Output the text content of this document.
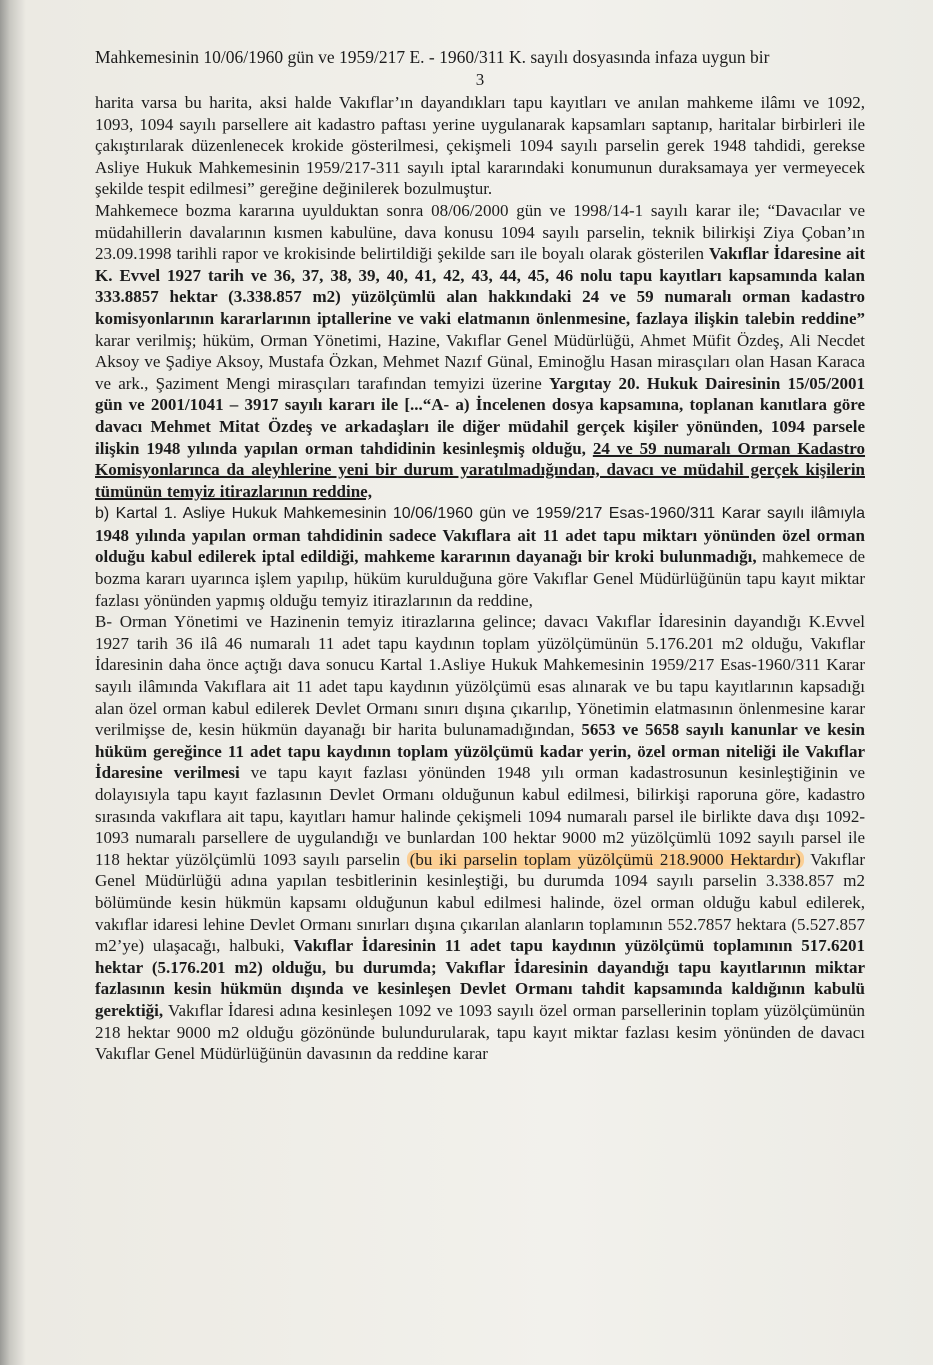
Mahkemesinin 10/06/1960 gün ve 1959/217 E. - 1960/311 K. sayılı dosyasında infaza uygun bir
3

harita varsa bu harita, aksi halde Vakıflar’ın dayandıkları tapu kayıtları ve anılan mahkeme ilâmı ve 1092, 1093, 1094 sayılı parsellere ait kadastro paftası yerine uygulanarak kapsamları saptanıp, haritalar birbirleri ile çakıştırılarak düzenlenecek krokide gösterilmesi, çekişmeli 1094 sayılı parselin gerek 1948 tahdidi, gerekse Asliye Hukuk Mahkemesinin 1959/217-311 sayılı iptal kararındaki konumunun duraksamaya yer vermeyecek şekilde tespit edilmesi” gereğine değinilerek bozulmuştur.

Mahkemece bozma kararına uyulduktan sonra 08/06/2000 gün ve 1998/14-1 sayılı karar ile; “Davacılar ve müdahillerin davalarının kısmen kabulüne, dava konusu 1094 sayılı parselin, teknik bilirkişi Ziya Çoban’ın 23.09.1998 tarihli rapor ve krokisinde belirtildiği şekilde sarı ile boyalı olarak gösterilen Vakıflar İdaresine ait K. Evvel 1927 tarih ve 36, 37, 38, 39, 40, 41, 42, 43, 44, 45, 46 nolu tapu kayıtları kapsamında kalan 333.8857 hektar (3.338.857 m2) yüzölçümlü alan hakkındaki 24 ve 59 numaralı orman kadastro komisyonlarının kararlarının iptallerine ve vaki elatmanın önlenmesine, fazlaya ilişkin talebin reddine” karar verilmiş; hüküm, Orman Yönetimi, Hazine, Vakıflar Genel Müdürlüğü, Ahmet Müfit Özdeş, Ali Necdet Aksoy ve Şadiye Aksoy, Mustafa Özkan, Mehmet Nazıf Günal, Eminoğlu Hasan mirasçıları olan Hasan Karaca ve ark., Şaziment Mengi mirasçıları tarafından temyizi üzerine Yargıtay 20. Hukuk Dairesinin 15/05/2001 gün ve 2001/1041 – 3917 sayılı kararı ile [...“A- a) İncelenen dosya kapsamına, toplanan kanıtlara göre davacı Mehmet Mitat Özdeş ve arkadaşları ile diğer müdahil gerçek kişiler yönünden, 1094 parsele ilişkin 1948 yılında yapılan orman tahdidinin kesinleşmiş olduğu, 24 ve 59 numaralı Orman Kadastro Komisyonlarınca da aleyhlerine yeni bir durum yaratılmadığından, davacı ve müdahil gerçek kişilerin tümünün temyiz itirazlarının reddine,

b) Kartal 1. Asliye Hukuk Mahkemesinin 10/06/1960 gün ve 1959/217 Esas-1960/311 Karar sayılı ilâmıyla 1948 yılında yapılan orman tahdidinin sadece Vakıflara ait 11 adet tapu miktarı yönünden özel orman olduğu kabul edilerek iptal edildiği, mahkeme kararının dayanağı bir kroki bulunmadığı, mahkemece de bozma kararı uyarınca işlem yapılıp, hüküm kurulduğuna göre Vakıflar Genel Müdürlüğünün tapu kayıt miktar fazlası yönünden yapmış olduğu temyiz itirazlarının da reddine,

B- Orman Yönetimi ve Hazinenin temyiz itirazlarına gelince; davacı Vakıflar İdaresinin dayandığı K.Evvel 1927 tarih 36 ilâ 46 numaralı 11 adet tapu kaydının toplam yüzölçümünün 5.176.201 m2 olduğu, Vakıflar İdaresinin daha önce açtığı dava sonucu Kartal 1.Asliye Hukuk Mahkemesinin 1959/217 Esas-1960/311 Karar sayılı ilâmında Vakıflara ait 11 adet tapu kaydının yüzölçümü esas alınarak ve bu tapu kayıtlarının kapsadığı alan özel orman kabul edilerek Devlet Ormanı sınırı dışına çıkarılıp, Yönetimin elatmasının önlenmesine karar verilmişse de, kesin hükmün dayanağı bir harita bulunamadığından, 5653 ve 5658 sayılı kanunlar ve kesin hüküm gereğince 11 adet tapu kaydının toplam yüzölçümü kadar yerin, özel orman niteliği ile Vakıflar İdaresine verilmesi ve tapu kayıt fazlası yönünden 1948 yılı orman kadastrosunun kesinleştiğinin ve dolayısıyla tapu kayıt fazlasının Devlet Ormanı olduğunun kabul edilmesi, bilirkişi raporuna göre, kadastro sırasında vakıflara ait tapu, kayıtları hamur halinde çekişmeli 1094 numaralı parsel ile birlikte dava dışı 1092-1093 numaralı parsellere de uygulandığı ve bunlardan 100 hektar 9000 m2 yüzölçümlü 1092 sayılı parsel ile 118 hektar yüzölçümlü 1093 sayılı parselin (bu iki parselin toplam yüzölçümü 218.9000 Hektardır) Vakıflar Genel Müdürlüğü adına yapılan tesbitlerinin kesinleştiği, bu durumda 1094 sayılı parselin 3.338.857 m2 bölümünde kesin hükmün kapsamı olduğunun kabul edilmesi halinde, özel orman olduğu kabul edilerek, vakıflar idaresi lehine Devlet Ormanı sınırları dışına çıkarılan alanların toplamının 552.7857 hektara (5.527.857 m2’ye) ulaşacağı, halbuki, Vakıflar İdaresinin 11 adet tapu kaydının yüzölçümü toplamının 517.6201 hektar (5.176.201 m2) olduğu, bu durumda; Vakıflar İdaresinin dayandığı tapu kayıtlarının miktar fazlasının kesin hükmün dışında ve kesinleşen Devlet Ormanı tahdit kapsamında kaldığının kabulü gerektiği, Vakıflar İdaresi adına kesinleşen 1092 ve 1093 sayılı özel orman parsellerinin toplam yüzölçümünün 218 hektar 9000 m2 olduğu gözönünde bulundurularak, tapu kayıt miktar fazlası kesim yönünden de davacı Vakıflar Genel Müdürlüğünün davasının da reddine karar
